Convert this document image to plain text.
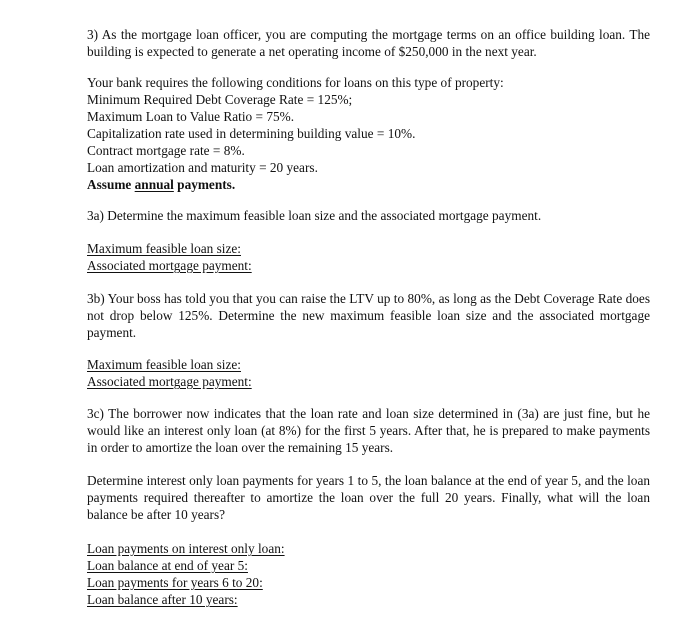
3) As the mortgage loan officer, you are computing the mortgage terms on an office building loan. The building is expected to generate a net operating income of $250,000 in the next year.

Your bank requires the following conditions for loans on this type of property:
Minimum Required Debt Coverage Rate = 125%;
Maximum Loan to Value Ratio = 75%.
Capitalization rate used in determining building value = 10%.
Contract mortgage rate = 8%.
Loan amortization and maturity = 20 years.
Assume annual payments.

3a) Determine the maximum feasible loan size and the associated mortgage payment.

Maximum feasible loan size:
Associated mortgage payment:

3b) Your boss has told you that you can raise the LTV up to 80%, as long as the Debt Coverage Rate does not drop below 125%. Determine the new maximum feasible loan size and the associated mortgage payment.

Maximum feasible loan size:
Associated mortgage payment:

3c) The borrower now indicates that the loan rate and loan size determined in (3a) are just fine, but he would like an interest only loan (at 8%) for the first 5 years. After that, he is prepared to make payments in order to amortize the loan over the remaining 15 years.

Determine interest only loan payments for years 1 to 5, the loan balance at the end of year 5, and the loan payments required thereafter to amortize the loan over the full 20 years. Finally, what will the loan balance be after 10 years?

Loan payments on interest only loan:
Loan balance at end of year 5:
Loan payments for years 6 to 20:
Loan balance after 10 years:
